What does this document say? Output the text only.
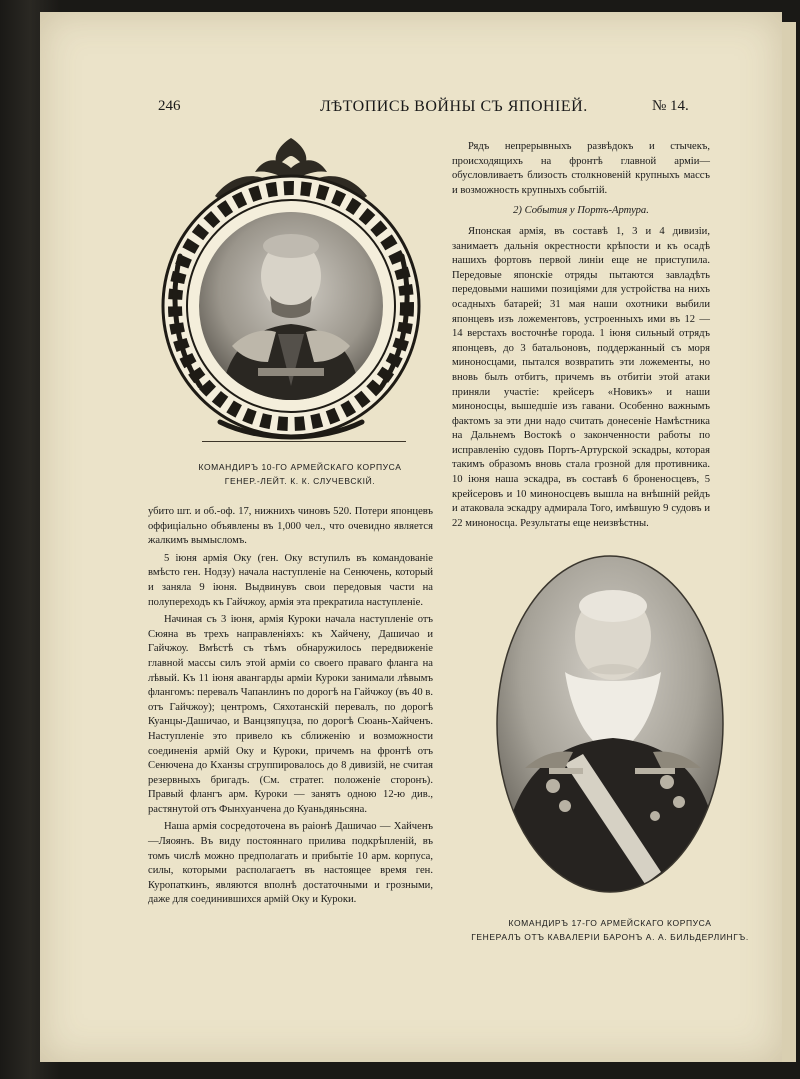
246	ЛѢТОПИСЬ ВОЙНЫ СЪ ЯПОНІЕЙ.	№ 14.
КОМАНДИРЪ 10-ГО АРМЕЙСКАГО КОРПУСА
ГЕНЕР.-ЛЕЙТ. К. К. СЛУЧЕВСКІЙ.

Рядъ непрерывныхъ развѣдокъ и стычекъ, происходящихъ на фронтѣ главной арміи—обусловливаетъ близость столкновеній крупныхъ массъ и возможность крупныхъ событій.

2) События у Портъ-Артура.

Японская армія, въ составѣ 1, 3 и 4 дивизіи, занимаетъ дальнія окрестности крѣпости и къ осадѣ нашихъ фортовъ первой линіи еще не приступила. Передовые японскіе отряды пытаются завладѣть передовыми нашими позиціями для устройства на нихъ осадныхъ батарей; 31 мая наши охотники выбили японцевъ изъ ложементовъ, устроенныхъ ими въ 12 — 14 верстахъ восточнѣе города. 1 іюня сильный отрядъ японцевъ, до 3 батальоновъ, поддержанный съ моря миноносцами, пытался возвратить эти ложементы, но вновь былъ отбитъ, причемъ въ отбитіи этой атаки приняли участіе: крейсеръ «Новикъ» и наши миноносцы, вышедшіе изъ гавани. Особенно важнымъ фактомъ за эти дни надо считать донесеніе Намѣстника на Дальнемъ Востокѣ о законченности работы по исправленію судовъ Портъ-Артурской эскадры, которая такимъ образомъ вновь стала грозной для противника. 10 іюня наша эскадра, въ составѣ 6 броненосцевъ, 5 крейсеровъ и 10 миноносцевъ вышла на внѣшній рейдъ и атаковала эскадру адмирала Того, имѣвшую 9 судовъ и 22 миноносца. Результаты еще неизвѣстны.

убито шт. и об.-оф. 17, нижнихъ чиновъ 520. Потери японцевъ оффиціально объявлены въ 1,000 чел., что очевидно является жалкимъ вымысломъ.

5 іюня армія Оку (ген. Оку вступилъ въ командованіе вмѣсто ген. Нодзу) начала наступленіе на Сенючень, который и заняла 9 іюня. Выдвинувъ свои передовыя части на полупереходъ къ Гайчжоу, армія эта прекратила наступленіе.

Начиная съ 3 іюня, армія Куроки начала наступленіе отъ Сюяна въ трехъ направленіяхъ: къ Хайчену, Дашичао и Гайчжоу. Вмѣстѣ съ тѣмъ обнаружилось передвиженіе главной массы силъ этой арміи со своего праваго фланга на лѣвый. Къ 11 іюня авангарды арміи Куроки занимали лѣвымъ флангомъ: перевалъ Чапанлинъ по дорогѣ на Гайчжоу (въ 40 в. отъ Гайчжоу); центромъ, Сяхотанскій перевалъ, по дорогѣ Куанцы-Дашичао, и Ванцзяпуцза, по дорогѣ Сюань-Хайченъ. Наступленіе это привело къ сближенію и возможности соединенія армій Оку и Куроки, причемъ на фронтѣ отъ Сенючена до Кханзы сгруппировалось до 8 дивизій, не считая резервныхъ бригадъ. (См. стратег. положеніе сторонъ). Правый флангъ арм. Куроки — занятъ одною 12-ю див., растянутой отъ Фынхуанчена до Куаньдяньсяна.

Наша армія сосредоточена въ раіонѣ Дашичао — Хайченъ—Ляоянъ. Въ виду постояннаго прилива подкрѣпленій, въ томъ числѣ можно предполагать и прибытіе 10 арм. корпуса, силы, которыми располагаетъ въ настоящее время ген. Куропаткинъ, являются вполнѣ достаточными и грозными, даже для соединившихся армій Оку и Куроки.

КОМАНДИРЪ 17-ГО АРМЕЙСКАГО КОРПУСА
ГЕНЕРАЛЪ ОТЪ КАВАЛЕРІИ БАРОНЪ А. А. БИЛЬДЕРЛИНГЪ.
